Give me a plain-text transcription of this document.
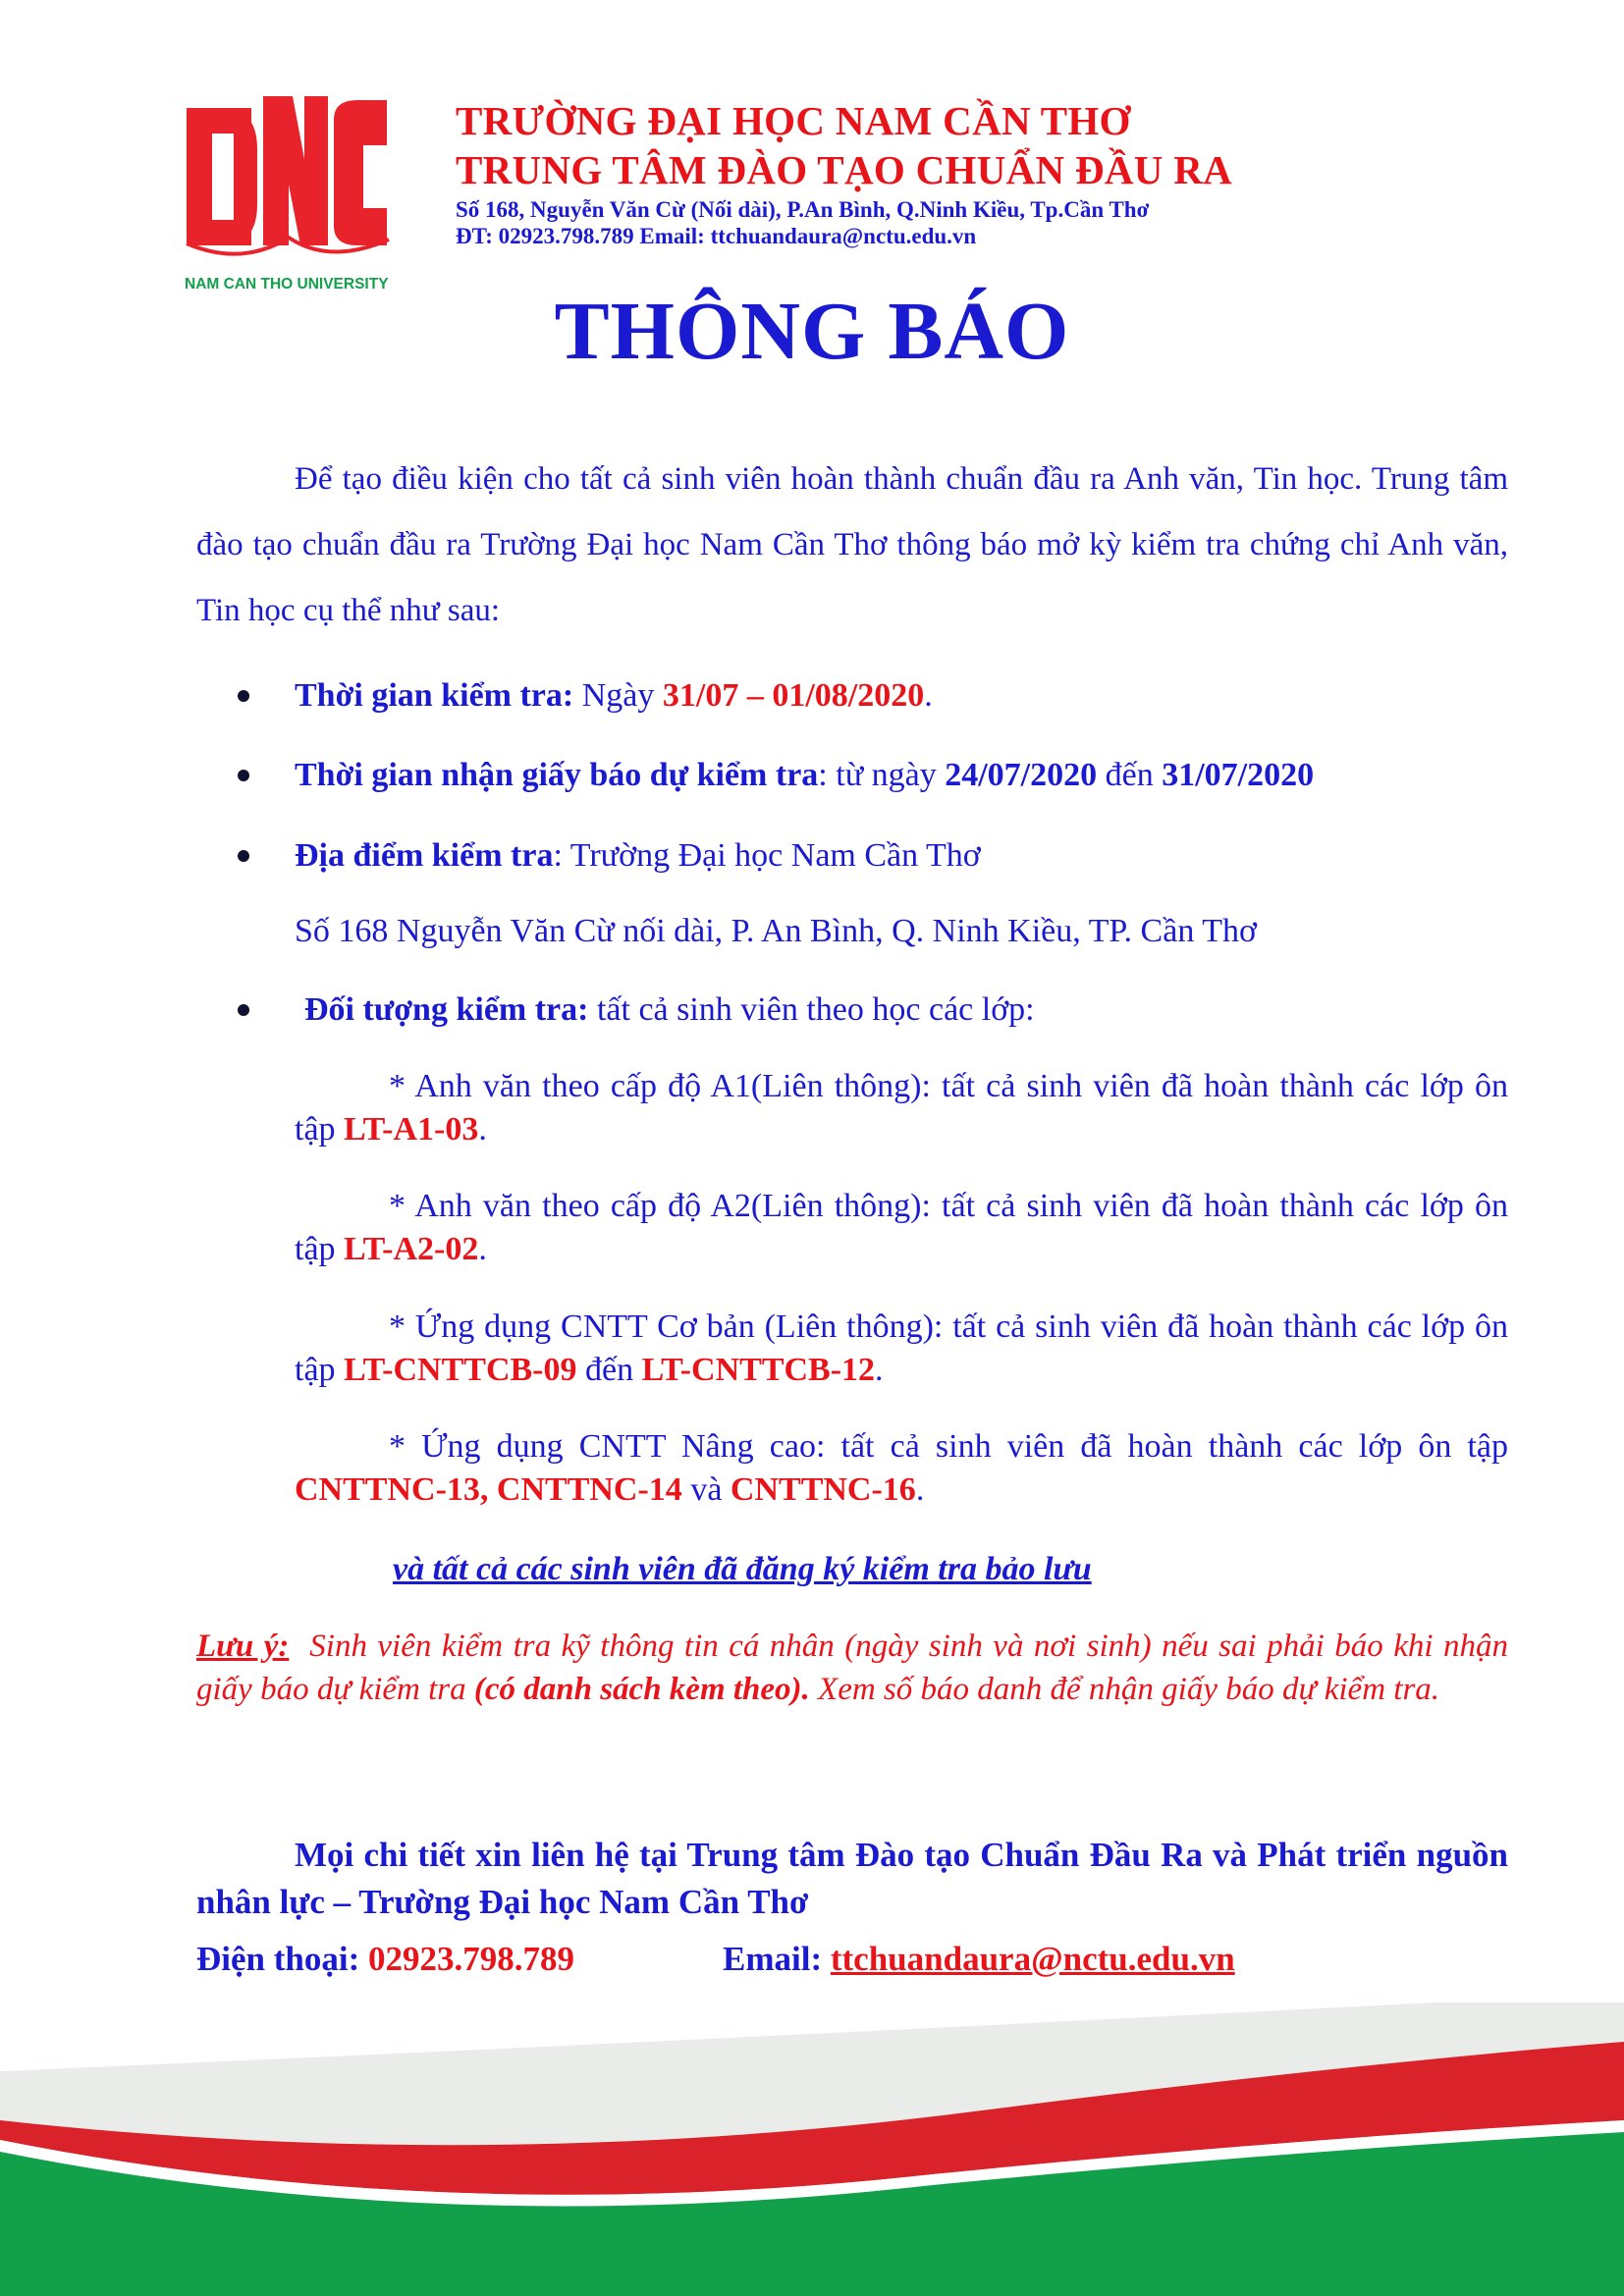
NAM CAN THO UNIVERSITY
TRƯỜNG ĐẠI HỌC NAM CẦN THƠ
TRUNG TÂM ĐÀO TẠO CHUẨN ĐẦU RA
Số 168, Nguyễn Văn Cừ (Nối dài), P.An Bình, Q.Ninh Kiều, Tp.Cần Thơ
ĐT: 02923.798.789 Email: ttchuandaura@nctu.edu.vn
THÔNG BÁO

Để tạo điều kiện cho tất cả sinh viên hoàn thành chuẩn đầu ra Anh văn, Tin học. Trung tâm đào tạo chuẩn đầu ra Trường Đại học Nam Cần Thơ thông báo mở kỳ kiểm tra chứng chỉ Anh văn, Tin học cụ thể như sau:

Thời gian kiểm tra: Ngày 31/07 – 01/08/2020.
Thời gian nhận giấy báo dự kiểm tra: từ ngày 24/07/2020 đến 31/07/2020
Địa điểm kiểm tra: Trường Đại học Nam Cần Thơ
Số 168 Nguyễn Văn Cừ nối dài, P. An Bình, Q. Ninh Kiều, TP. Cần Thơ
Đối tượng kiểm tra: tất cả sinh viên theo học các lớp:

* Anh văn theo cấp độ A1(Liên thông): tất cả sinh viên đã hoàn thành các lớp ôn tập LT-A1-03.

* Anh văn theo cấp độ A2(Liên thông): tất cả sinh viên đã hoàn thành các lớp ôn tập LT-A2-02.

* Ứng dụng CNTT Cơ bản (Liên thông): tất cả sinh viên đã hoàn thành các lớp ôn tập LT-CNTTCB-09 đến LT-CNTTCB-12.

* Ứng dụng CNTT Nâng cao: tất cả sinh viên đã hoàn thành các lớp ôn tập CNTTNC-13, CNTTNC-14 và CNTTNC-16.

và tất cả các sinh viên đã đăng ký kiểm tra bảo lưu

Lưu ý: Sinh viên kiểm tra kỹ thông tin cá nhân (ngày sinh và nơi sinh) nếu sai phải báo khi nhận giấy báo dự kiểm tra (có danh sách kèm theo). Xem số báo danh để nhận giấy báo dự kiểm tra.

Mọi chi tiết xin liên hệ tại Trung tâm Đào tạo Chuẩn Đầu Ra và Phát triển nguồn nhân lực – Trường Đại học Nam Cần Thơ

Điện thoại: 02923.798.789	Email: ttchuandaura@nctu.edu.vn
